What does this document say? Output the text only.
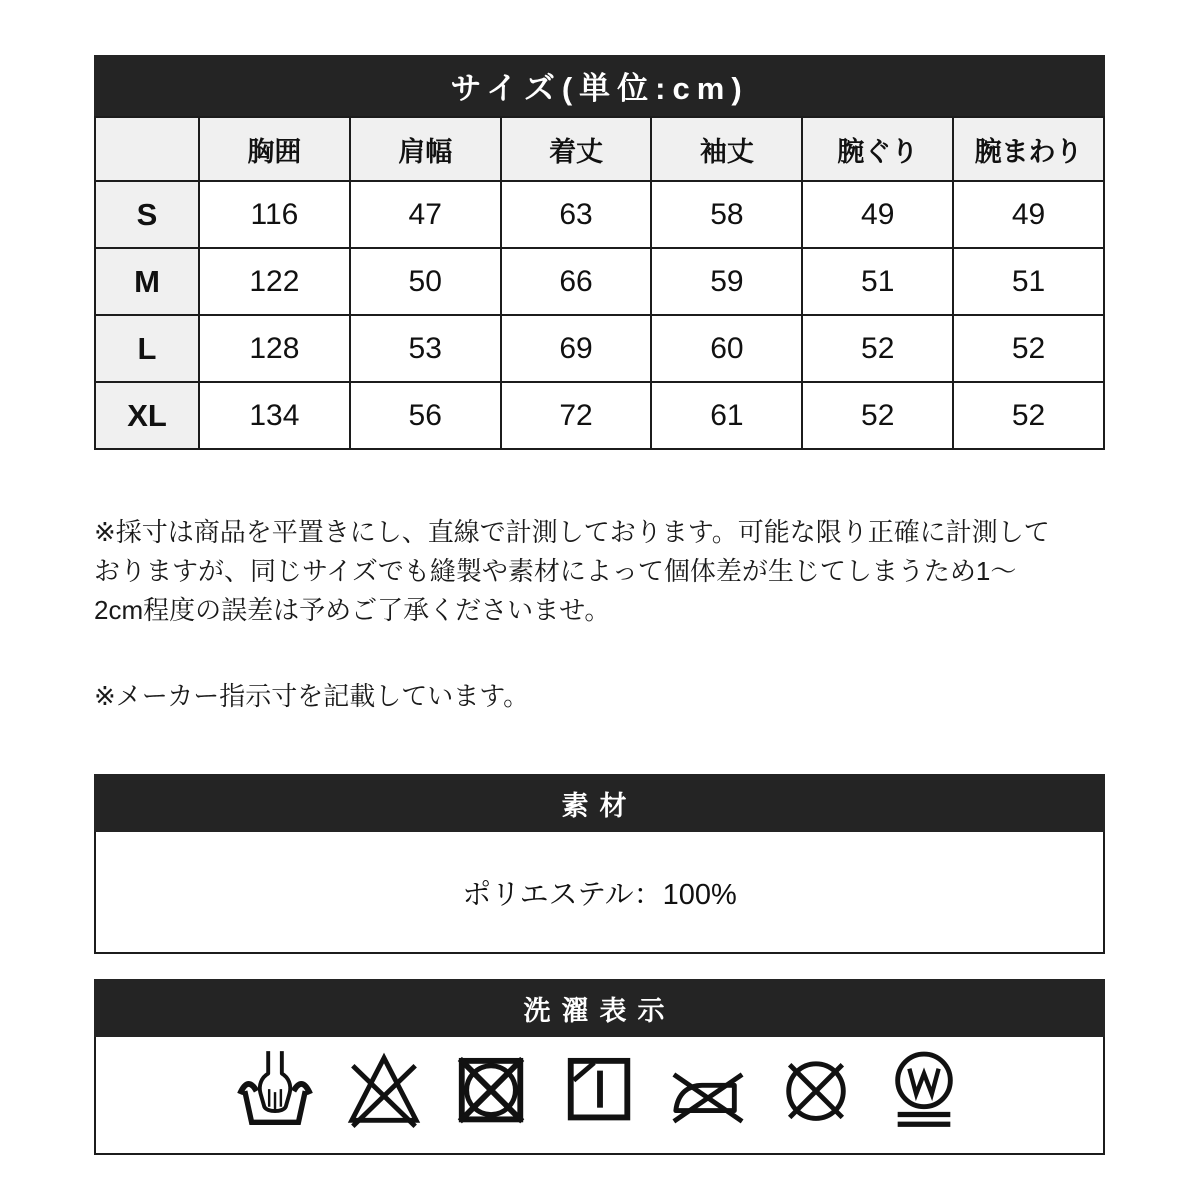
サイズ(単位:cm)
	胸囲	肩幅	着丈	袖丈	腕ぐり	腕まわり
S	116	47	63	58	49	49
M	122	50	66	59	51	51
L	128	53	69	60	52	52
XL	134	56	72	61	52	52
※採寸は商品を平置きにし、直線で計測しております。可能な限り正確に計測して
おりますが、同じサイズでも縫製や素材によって個体差が生じてしまうため1〜
2cm程度の誤差は予めご了承くださいませ。
※メーカー指示寸を記載しています。
素材
ポリエステル：100%
洗濯表示
